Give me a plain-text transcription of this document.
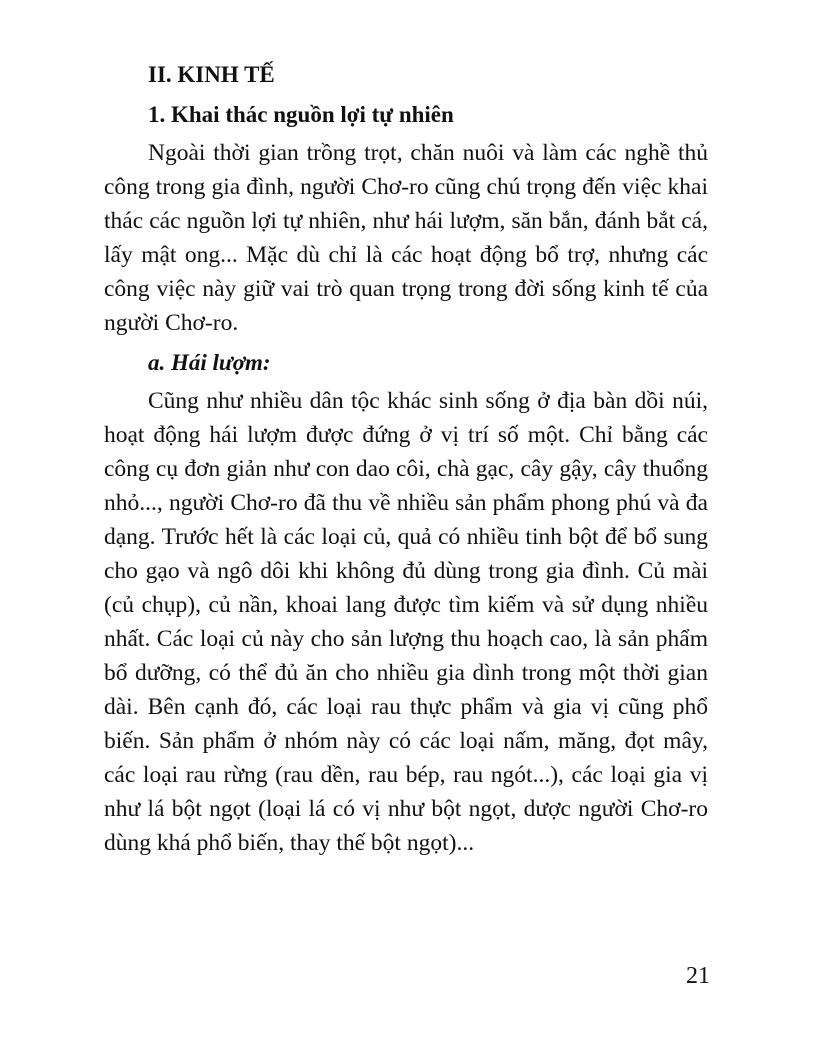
II. KINH TẾ
1. Khai thác nguồn lợi tự nhiên

Ngoài thời gian trồng trọt, chăn nuôi và làm các nghề thủ công trong gia đình, người Chơ-ro cũng chú trọng đến việc khai thác các nguồn lợi tự nhiên, như hái lượm, săn bắn, đánh bắt cá, lấy mật ong... Mặc dù chỉ là các hoạt động bổ trợ, nhưng các công việc này giữ vai trò quan trọng trong đời sống kinh tế của người Chơ-ro.

a. Hái lượm:

Cũng như nhiều dân tộc khác sinh sống ở địa bàn dồi núi, hoạt động hái lượm được đứng ở vị trí số một. Chỉ bằng các công cụ đơn giản như con dao côi, chà gạc, cây gậy, cây thuổng nhỏ..., người Chơ-ro đã thu về nhiều sản phẩm phong phú và đa dạng. Trước hết là các loại củ, quả có nhiều tinh bột để bổ sung cho gạo và ngô dôi khi không đủ dùng trong gia đình. Củ mài (củ chụp), củ nần, khoai lang được tìm kiếm và sử dụng nhiều nhất. Các loại củ này cho sản lượng thu hoạch cao, là sản phẩm bổ dưỡng, có thể đủ ăn cho nhiều gia dình trong một thời gian dài. Bên cạnh đó, các loại rau thực phẩm và gia vị cũng phổ biến. Sản phẩm ở nhóm này có các loại nấm, măng, đọt mây, các loại rau rừng (rau dền, rau bép, rau ngót...), các loại gia vị như lá bột ngọt (loại lá có vị như bột ngọt, dược người Chơ-ro dùng khá phổ biến, thay thế bột ngọt)...

21
